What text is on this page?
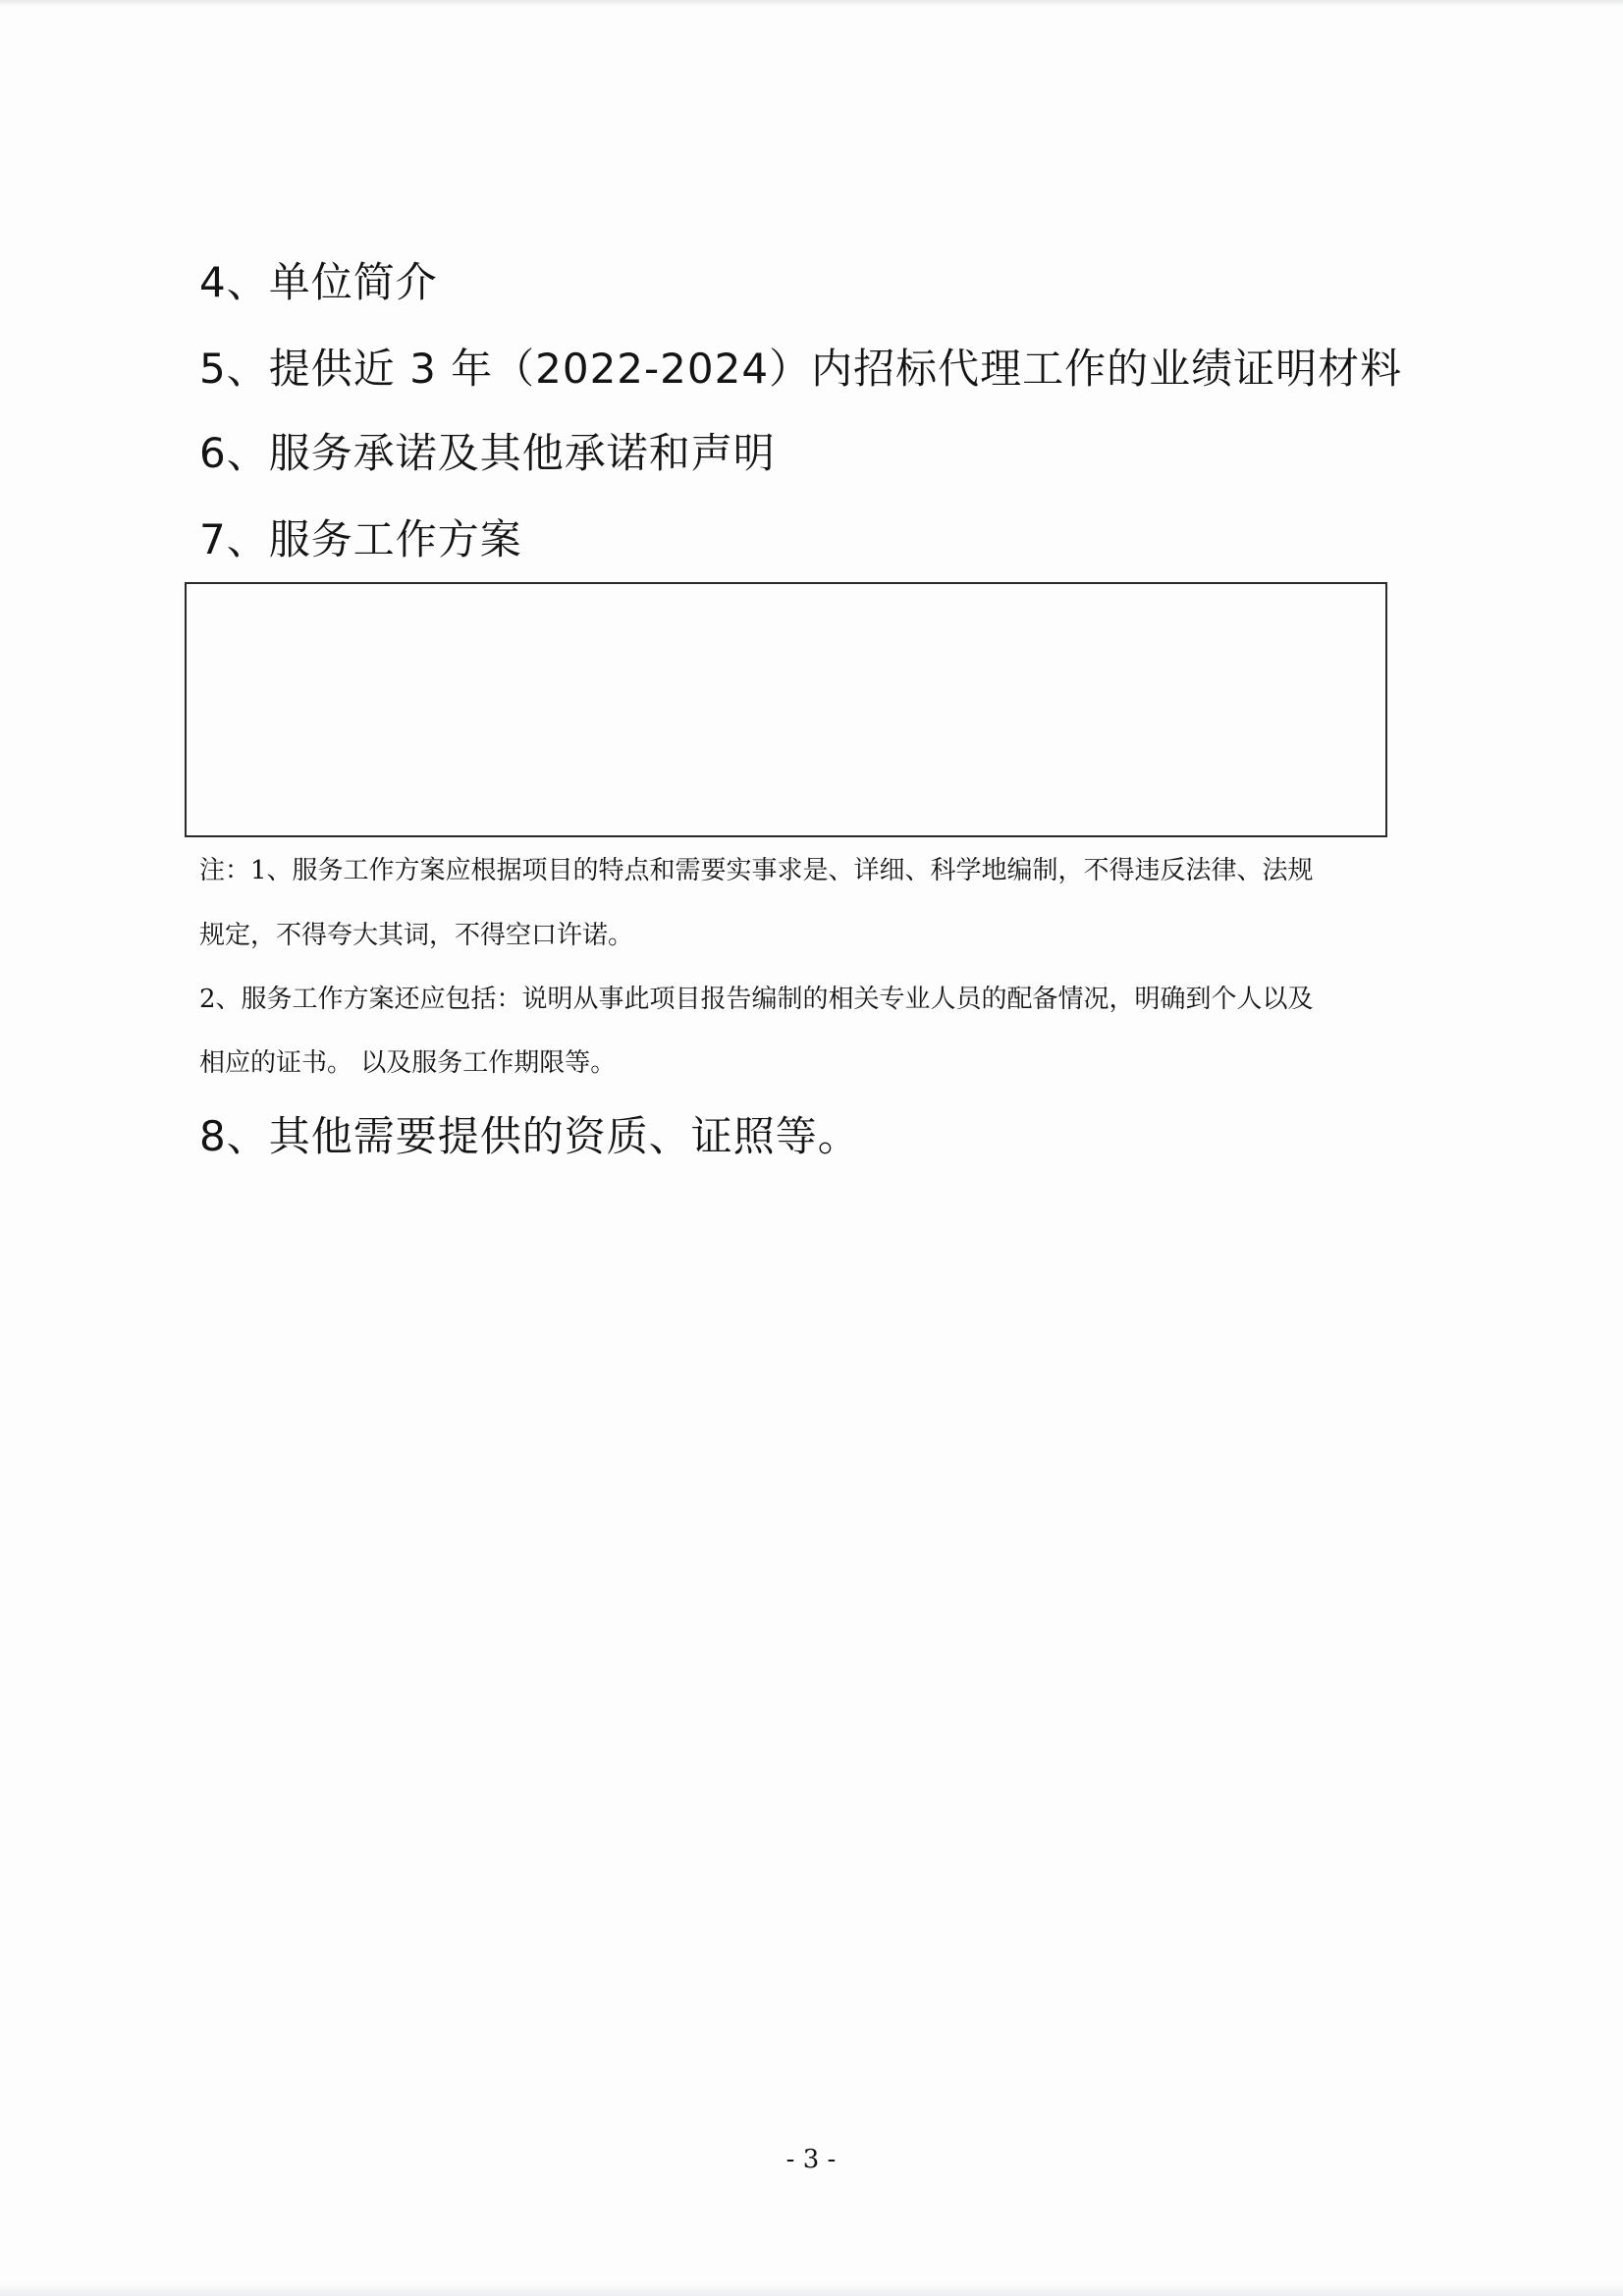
4、单位简介
5、提供近 3 年（2022-2024）内招标代理工作的业绩证明材料
6、服务承诺及其他承诺和声明
7、服务工作方案
注：1、服务工作方案应根据项目的特点和需要实事求是、详细、科学地编制，不得违反法律、法规
规定，不得夸大其词，不得空口许诺。
2、服务工作方案还应包括：说明从事此项目报告编制的相关专业人员的配备情况，明确到个人以及
相应的证书。 以及服务工作期限等。
8、其他需要提供的资质、证照等。
- 3 -
